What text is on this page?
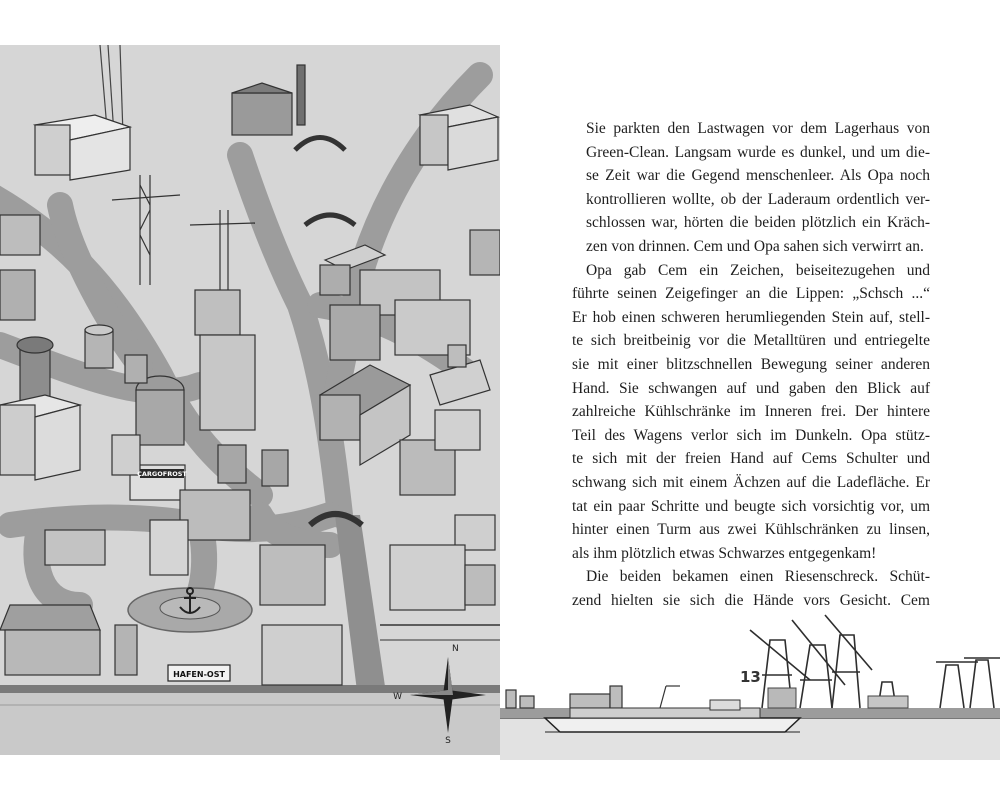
CARGOFROST
HAFEN-OST
N
S
W

Sie parkten den Lastwagen vor dem Lagerhaus von
Green-Clean. Langsam wurde es dunkel, und um die-
se Zeit war die Gegend menschenleer. Als Opa noch
kontrollieren wollte, ob der Laderaum ordentlich ver-
schlossen war, hörten die beiden plötzlich ein Kräch-
zen von drinnen. Cem und Opa sahen sich verwirrt an.

Opa gab Cem ein Zeichen, beiseitezugehen und
führte seinen Zeigefinger an die Lippen: „Schsch ...“
Er hob einen schweren herumliegenden Stein auf, stell-
te sich breitbeinig vor die Metalltüren und entriegelte
sie mit einer blitzschnellen Bewegung seiner anderen
Hand. Sie schwangen auf und gaben den Blick auf
zahlreiche Kühlschränke im Inneren frei. Der hintere
Teil des Wagens verlor sich im Dunkeln. Opa stütz-
te sich mit der freien Hand auf Cems Schulter und
schwang sich mit einem Ächzen auf die Ladefläche. Er
tat ein paar Schritte und beugte sich vorsichtig vor, um
hinter einen Turm aus zwei Kühlschränken zu linsen,
als ihm plötzlich etwas Schwarzes entgegenkam!

Die beiden bekamen einen Riesenschreck. Schüt-
zend hielten sie sich die Hände vors Gesicht. Cem

13
